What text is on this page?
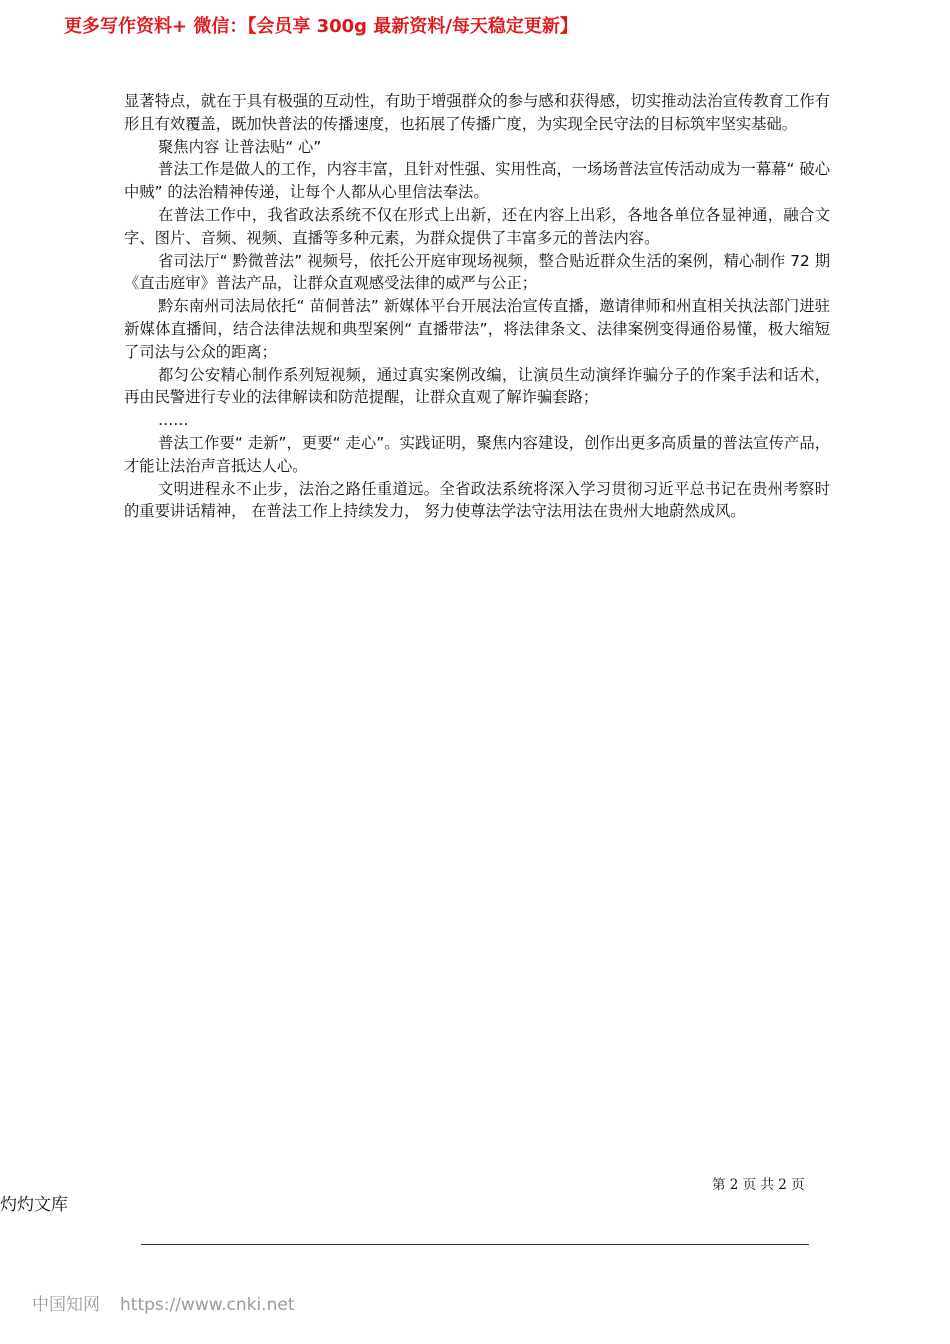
更多写作资料+ 微信：【会员享 300g 最新资料/每天稳定更新】

显著特点，就在于具有极强的互动性，有助于增强群众的参与感和获得感，切实推动法治宣传教育工作有形且有效覆盖，既加快普法的传播速度，也拓展了传播广度，为实现全民守法的目标筑牢坚实基础。

聚焦内容 让普法贴“ 心”

普法工作是做人的工作，内容丰富，且针对性强、实用性高，一场场普法宣传活动成为一幕幕“ 破心中贼” 的法治精神传递，让每个人都从心里信法奉法。

在普法工作中，我省政法系统不仅在形式上出新，还在内容上出彩，各地各单位各显神通，融合文字、图片、音频、视频、直播等多种元素，为群众提供了丰富多元的普法内容。

省司法厅“ 黔微普法” 视频号，依托公开庭审现场视频，整合贴近群众生活的案例，精心制作 72 期《直击庭审》普法产品，让群众直观感受法律的威严与公正；

黔东南州司法局依托“ 苗侗普法” 新媒体平台开展法治宣传直播，邀请律师和州直相关执法部门进驻新媒体直播间，结合法律法规和典型案例“ 直播带法”，将法律条文、法律案例变得通俗易懂，极大缩短了司法与公众的距离；

都匀公安精心制作系列短视频，通过真实案例改编，让演员生动演绎诈骗分子的作案手法和话术，再由民警进行专业的法律解读和防范提醒，让群众直观了解诈骗套路；

……

普法工作要“ 走新”，更要“ 走心”。实践证明，聚焦内容建设，创作出更多高质量的普法宣传产品，才能让法治声音抵达人心。

文明进程永不止步，法治之路任重道远。全省政法系统将深入学习贯彻习近平总书记在贵州考察时的重要讲话精神， 在普法工作上持续发力， 努力使尊法学法守法用法在贵州大地蔚然成风。

第 2 页 共 2 页
灼灼文库
中国知网 https://www.cnki.net
